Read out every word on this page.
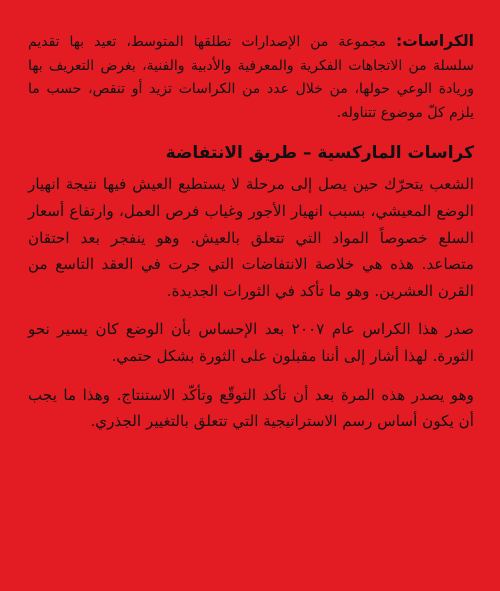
الكراسات: مجموعة من الإصدارات تطلقها المتوسط، تعيد بها تقديم سلسلة من الاتجاهات الفكرية والمعرفية والأدبية والفنية، بغرض التعريف بها وريادة الوعي حولها، من خلال عدد من الكراسات تزيد أو تنقص، حسب ما يلزم كلّ موضوع تتناوله.

كراسات الماركسية – طريق الانتفاضة

الشعب يتحرّك حين يصل إلى مرحلة لا يستطيع العيش فيها نتيجة انهيار الوضع المعيشي، بسبب انهيار الأجور وغياب فرص العمل، وارتفاع أسعار السلع خصوصاً المواد التي تتعلق بالعيش. وهو ينفجر بعد احتقان متصاعد. هذه هي خلاصة الانتفاضات التي جرت في العقد التاسع من القرن العشرين. وهو ما تأكد في الثورات الجديدة.

صدر هذا الكراس عام ٢٠٠٧ بعد الإحساس بأن الوضع كان يسير نحو الثورة. لهذا أشار إلى أننا مقبلون على الثورة بشكل حتمي.

وهو يصدر هذه المرة بعد أن تأكد التوقّع وتأكّد الاستنتاج. وهذا ما يجب أن يكون أساس رسم الاستراتيجية التي تتعلق بالتغيير الجذري.
